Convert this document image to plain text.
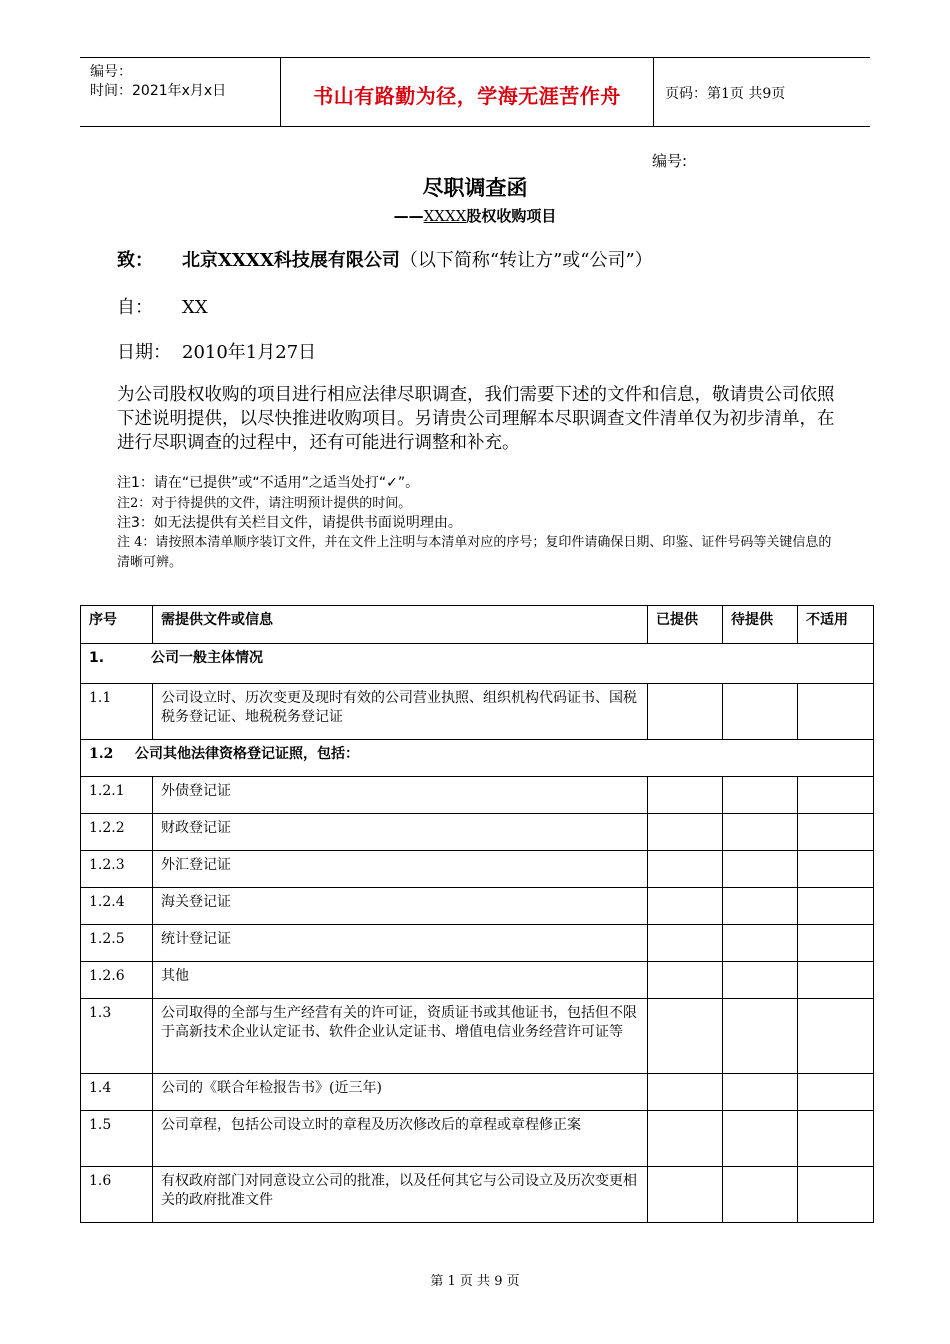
编号：
时间：2021年x月x日	书山有路勤为径，学海无涯苦作舟	页码：第1页 共9页
编号:
尽职调查函
——XXXX股权收购项目
致： 北京XXXX科技展有限公司（以下简称“转让方”或“公司”）
自： XX
日期： 2010年1月27日
为公司股权收购的项目进行相应法律尽职调查，我们需要下述的文件和信息，敬请贵公司依照下述说明提供，以尽快推进收购项目。另请贵公司理解本尽职调查文件清单仅为初步清单，在进行尽职调查的过程中，还有可能进行调整和补充。
注1：请在“已提供”或“不适用”之适当处打“✓”。
注2：对于待提供的文件，请注明预计提供的时间。
注3：如无法提供有关栏目文件，请提供书面说明理由。
注 4：请按照本清单顺序装订文件，并在文件上注明与本清单对应的序号；复印件请确保日期、印鉴、证件号码等关键信息的清晰可辨。
序号	需提供文件或信息	已提供	待提供	不适用
1. 公司一般主体情况				
1.1	公司设立时、历次变更及现时有效的公司营业执照、组织机构代码证书、国税税务登记证、地税税务登记证			
1.2 公司其他法律资格登记证照，包括：				
1.2.1	外债登记证			
1.2.2	财政登记证			
1.2.3	外汇登记证			
1.2.4	海关登记证			
1.2.5	统计登记证			
1.2.6	其他			
1.3	公司取得的全部与生产经营有关的许可证，资质证书或其他证书，包括但不限于高新技术企业认定证书、软件企业认定证书、增值电信业务经营许可证等			
1.4	公司的《联合年检报告书》(近三年)			
1.5	公司章程，包括公司设立时的章程及历次修改后的章程或章程修正案			
1.6	有权政府部门对同意设立公司的批准，以及任何其它与公司设立及历次变更相关的政府批准文件			
第 1 页 共 9 页
